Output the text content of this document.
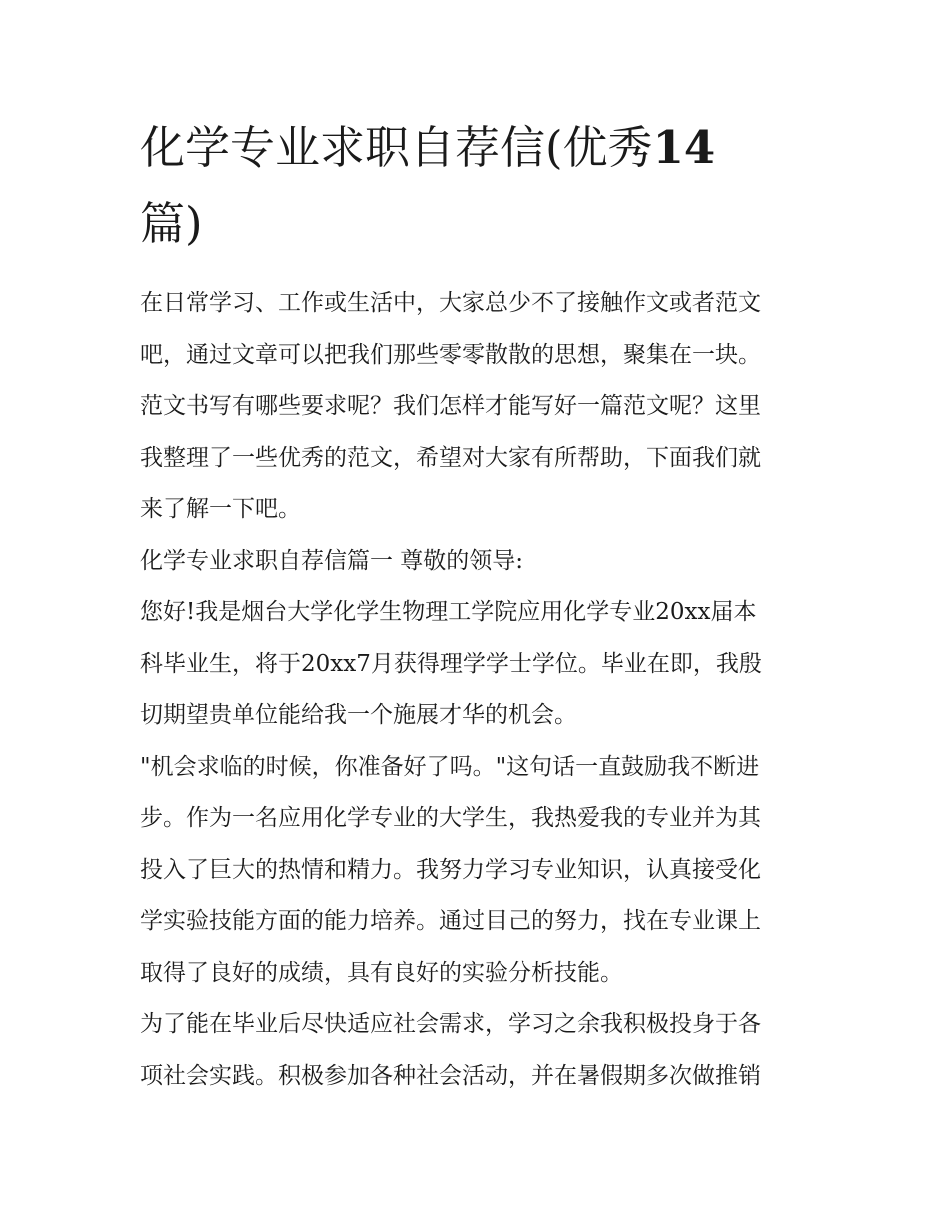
化学专业求职自荐信(优秀14
篇)

在日常学习、工作或生活中，大家总少不了接触作文或者范文
吧，通过文章可以把我们那些零零散散的思想，聚集在一块。
范文书写有哪些要求呢？我们怎样才能写好一篇范文呢？这里
我整理了一些优秀的范文，希望对大家有所帮助，下面我们就
来了解一下吧。

化学专业求职自荐信篇一 尊敬的领导:

您好!我是烟台大学化学生物理工学院应用化学专业20xx届本
科毕业生，将于20xx7月获得理学学士学位。毕业在即，我殷
切期望贵单位能给我一个施展才华的机会。

"机会求临的时候，你准备好了吗。"这句话一直鼓励我不断进
步。作为一名应用化学专业的大学生，我热爱我的专业并为其
投入了巨大的热情和精力。我努力学习专业知识，认真接受化
学实验技能方面的能力培养。通过目己的努力，找在专业课上
取得了良好的成绩，具有良好的实验分析技能。

为了能在毕业后尽快适应社会需求，学习之余我积极投身于各
项社会实践。积极参加各种社会活动，并在暑假期多次做推销
